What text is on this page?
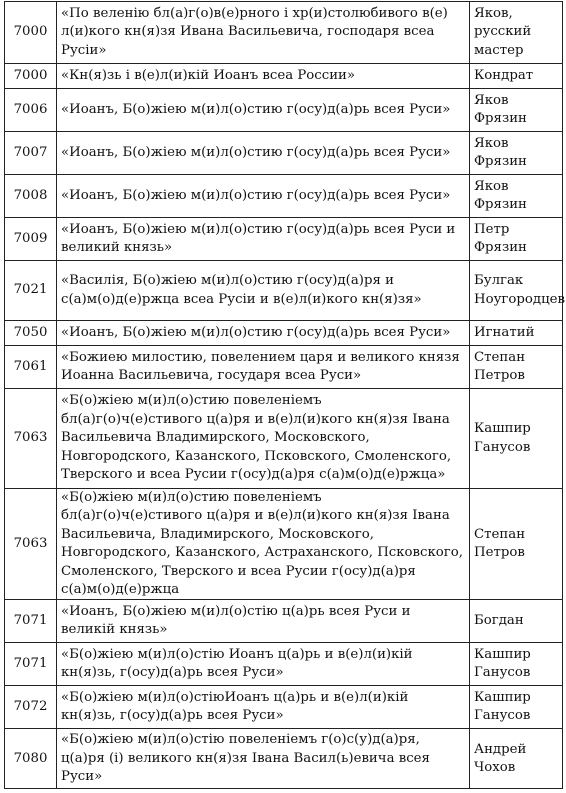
7000	«По веленію бл(а)г(о)в(е)рного і хр(и)столюбивого в(е) л(и)кого кн(я)зя Ивана Васильевича, господаря всеа Русіи»	Яков, русский мастер
7000	«Кн(я)зь і в(е)л(и)кій Иоанъ всеа России»	Кондрат
7006	«Иоанъ, Б(о)жіею м(и)л(о)стию г(осу)д(а)рь всея Руси»	Яков Фрязин
7007	«Иоанъ, Б(о)жіею м(и)л(о)стию г(осу)д(а)рь всея Руси»	Яков Фрязин
7008	«Иоанъ, Б(о)жіею м(и)л(о)стию г(осу)д(а)рь всея Руси»	Яков Фрязин
7009	«Иоанъ, Б(о)жіею м(и)л(о)стию г(осу)д(а)рь всея Руси и великий князь»	Петр Фрязин
7021	«Василія, Б(о)жіею м(и)л(о)стию г(осу)д(а)ря и с(а)м(о)д(е)ржца всеа Русіи и в(е)л(и)кого кн(я)зя»	Булгак Ноугородцев
7050	«Иоанъ, Б(о)жіею м(и)л(о)стию г(осу)д(а)рь всея Руси»	Игнатий
7061	«Божиею милостию, повелением царя и великого князя Иоанна Васильевича, государя всеа Руси»	Степан Петров
7063	«Б(о)жіею м(и)л(о)стию повеленіемъ бл(а)г(о)ч(е)стивого ц(а)ря и в(е)л(и)кого кн(я)зя Івана Васильевича Владимирского, Московского, Новгородского, Казанского, Псковского, Смоленского, Тверского и всеа Русии г(осу)д(а)ря с(а)м(о)д(е)ржца»	Кашпир Ганусов
7063	«Б(о)жіею м(и)л(о)стию повеленіемъ бл(а)г(о)ч(е)стивого ц(а)ря и в(е)л(и)кого кн(я)зя Івана Васильевича, Владимирского, Московского, Новгородского, Казанского, Астраханского, Псковского, Смоленского, Тверского и всеа Русии г(осу)д(а)ря с(а)м(о)д(е)ржца	Степан Петров
7071	«Иоанъ, Б(о)жіею м(и)л(о)стію ц(а)рь всея Руси и великій князь»	Богдан
7071	«Б(о)жіею м(и)л(о)стію Иоанъ ц(а)рь и в(е)л(и)кій кн(я)зь, г(осу)д(а)рь всея Руси»	Кашпир Ганусов
7072	«Б(о)жіею м(и)л(о)стіюИоанъ ц(а)рь и в(е)л(и)кій кн(я)зь, г(осу)д(а)рь всея Руси»	Кашпир Ганусов
7080	«Б(о)жіею м(и)л(о)стію повеленіемъ г(о)с(у)д(а)ря, ц(а)ря (і) великого кн(я)зя Івана Васил(ь)евича всея Руси»	Андрей Чохов
